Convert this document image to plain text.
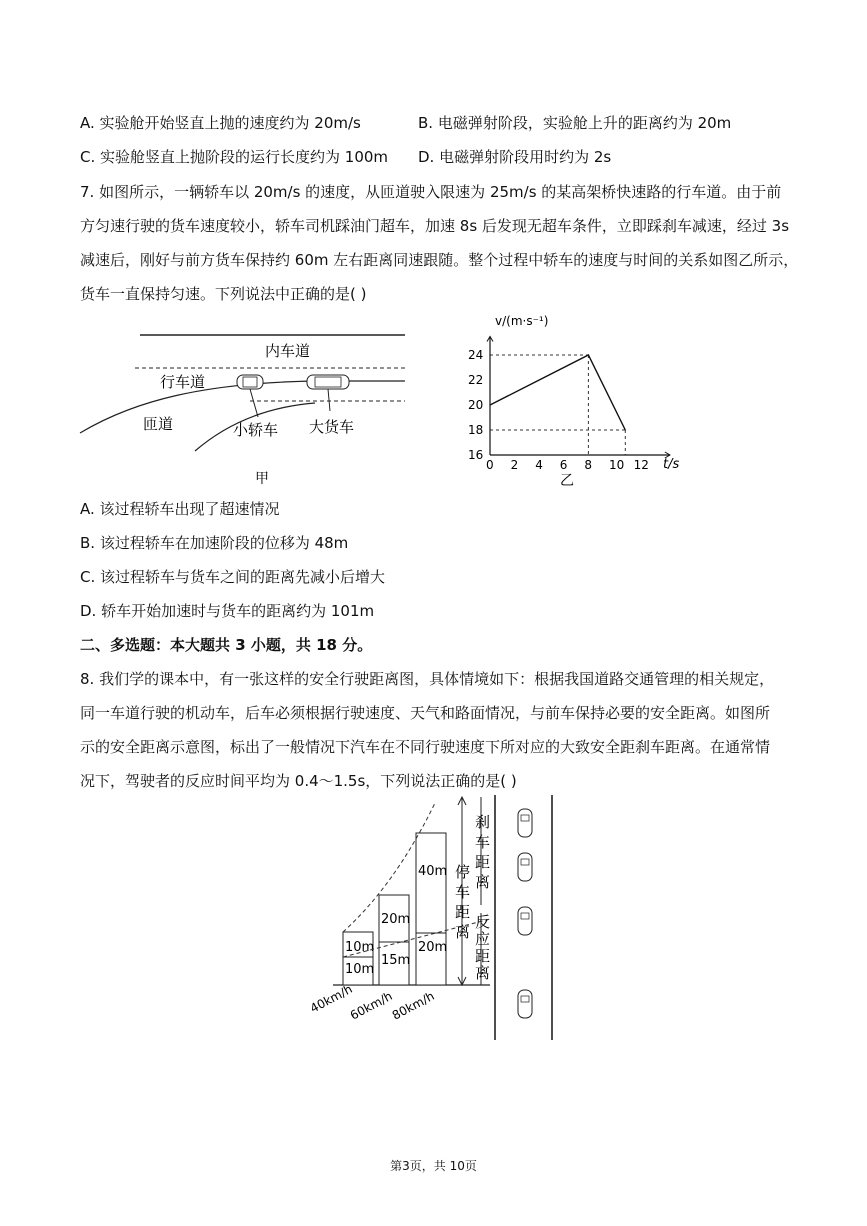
A. 实验舱开始竖直上抛的速度约为 20m/s	B. 电磁弹射阶段，实验舱上升的距离约为 20m
C. 实验舱竖直上抛阶段的运行长度约为 100m D. 电磁弹射阶段用时约为 2s
7. 如图所示，一辆轿车以 20m/s 的速度，从匝道驶入限速为 25m/s 的某高架桥快速路的行车道。由于前
方匀速行驶的货车速度较小，轿车司机踩油门超车，加速 8s 后发现无超车条件，立即踩刹车减速，经过 3s
减速后，刚好与前方货车保持约 60m 左右距离同速跟随。整个过程中轿车的速度与时间的关系如图乙所示，
货车一直保持匀速。下列说法中正确的是( )
内车道
行车道
匝道	小轿车 大货车
甲
0 2 4 6 8 10 12
16
18
20
22
24
v/(m·s⁻¹)
t/s
乙
A. 该过程轿车出现了超速情况
B. 该过程轿车在加速阶段的位移为 48m
C. 该过程轿车与货车之间的距离先减小后增大
D. 轿车开始加速时与货车的距离约为 101m
二、多选题：本大题共 3 小题，共 18 分。
8. 我们学的课本中，有一张这样的安全行驶距离图，具体情境如下：根据我国道路交通管理的相关规定，
同一车道行驶的机动车，后车必须根据行驶速度、天气和路面情况，与前车保持必要的安全距离。如图所
示的安全距离示意图，标出了一般情况下汽车在不同行驶速度下所对应的大致安全距刹车距离。在通常情
况下，驾驶者的反应时间平均为 0.4～1.5s，下列说法正确的是( )
10m
10m
20m
15m
40m
20m
刹
车
距
离
停
车
距
离
反
应
距
离
40km/h
60km/h
80km/h
第3页，共 10页
